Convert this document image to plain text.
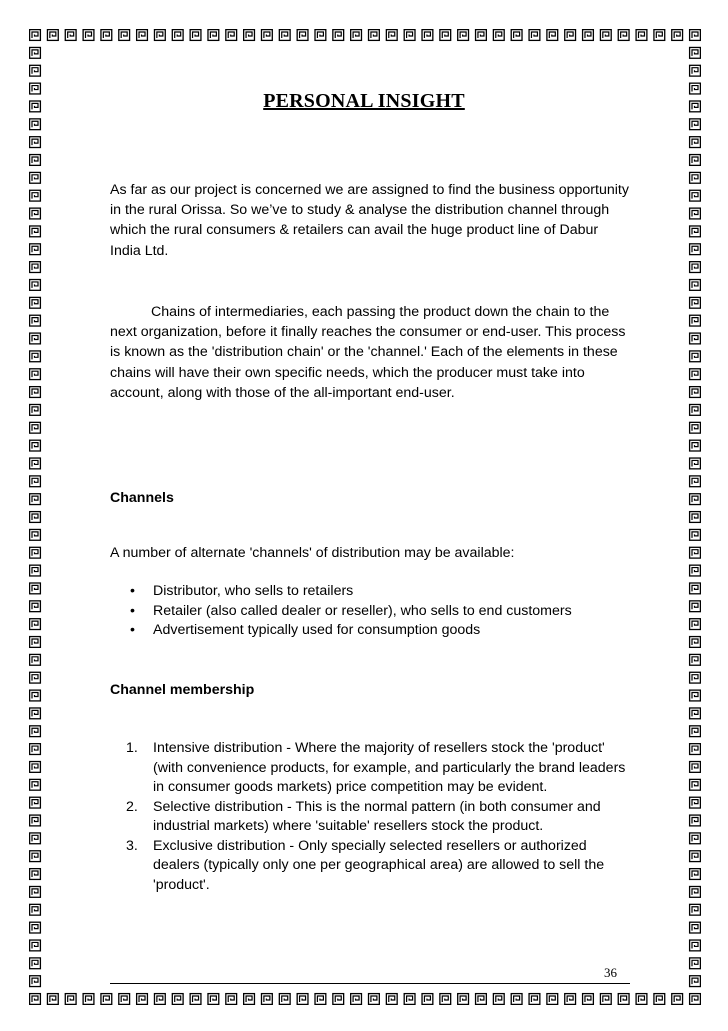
PERSONAL INSIGHT

As far as our project is concerned we are assigned to find the business opportunity in the rural Orissa. So we’ve to study & analyse the distribution channel through which the rural consumers & retailers can avail the huge product line of Dabur India Ltd.

Chains of intermediaries, each passing the product down the chain to the next organization, before it finally reaches the consumer or end-user. This process is known as the 'distribution chain' or the 'channel.' Each of the elements in these chains will have their own specific needs, which the producer must take into account, along with those of the all-important end-user.

Channels
A number of alternate 'channels' of distribution may be available:
• Distributor, who sells to retailers
• Retailer (also called dealer or reseller), who sells to end customers
• Advertisement typically used for consumption goods
Channel membership
1. Intensive distribution - Where the majority of resellers stock the 'product' (with convenience products, for example, and particularly the brand leaders in consumer goods markets) price competition may be evident.
2. Selective distribution - This is the normal pattern (in both consumer and industrial markets) where 'suitable' resellers stock the product.
3. Exclusive distribution - Only specially selected resellers or authorized dealers (typically only one per geographical area) are allowed to sell the 'product'.
36
